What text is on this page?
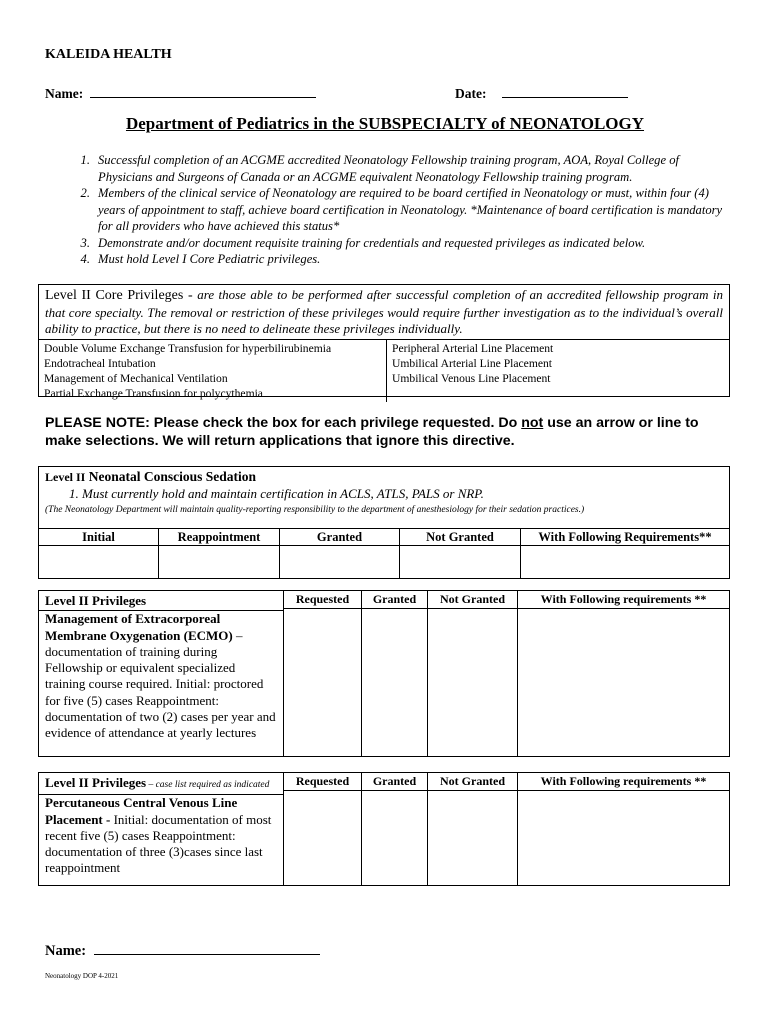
KALEIDA HEALTH
Name:	Date:
Department of Pediatrics in the SUBSPECIALTY of NEONATOLOGY
1. Successful completion of an ACGME accredited Neonatology Fellowship training program, AOA, Royal College of Physicians and Surgeons of Canada or an ACGME equivalent Neonatology Fellowship training program.
2. Members of the clinical service of Neonatology are required to be board certified in Neonatology or must, within four (4) years of appointment to staff, achieve board certification in Neonatology. *Maintenance of board certification is mandatory for all providers who have achieved this status*
3. Demonstrate and/or document requisite training for credentials and requested privileges as indicated below.
4. Must hold Level I Core Pediatric privileges.
Level II Core Privileges - are those able to be performed after successful completion of an accredited fellowship program in that core specialty. The removal or restriction of these privileges would require further investigation as to the individual’s overall ability to practice, but there is no need to delineate these privileges individually.
Double Volume Exchange Transfusion for hyperbilirubinemia
Endotracheal Intubation
Management of Mechanical Ventilation
Partial Exchange Transfusion for polycythemia
Peripheral Arterial Line Placement
Umbilical Arterial Line Placement
Umbilical Venous Line Placement
PLEASE NOTE: Please check the box for each privilege requested. Do not use an arrow or line to make selections. We will return applications that ignore this directive.
Level II Neonatal Conscious Sedation
1. Must currently hold and maintain certification in ACLS, ATLS, PALS or NRP.
(The Neonatology Department will maintain quality-reporting responsibility to the department of anesthesiology for their sedation practices.)
Initial	Reappointment	Granted	Not Granted	With Following Requirements**
Level II Privileges
Management of Extracorporeal Membrane Oxygenation (ECMO) – documentation of training during Fellowship or equivalent specialized training course required. Initial: proctored for five (5) cases Reappointment: documentation of two (2) cases per year and evidence of attendance at yearly lectures
Requested	Granted	Not Granted	With Following requirements **
Level II Privileges – case list required as indicated
Percutaneous Central Venous Line Placement - Initial: documentation of most recent five (5) cases Reappointment: documentation of three (3)cases since last reappointment
Requested	Granted	Not Granted	With Following requirements **
Name:
Neonatology DOP 4-2021
